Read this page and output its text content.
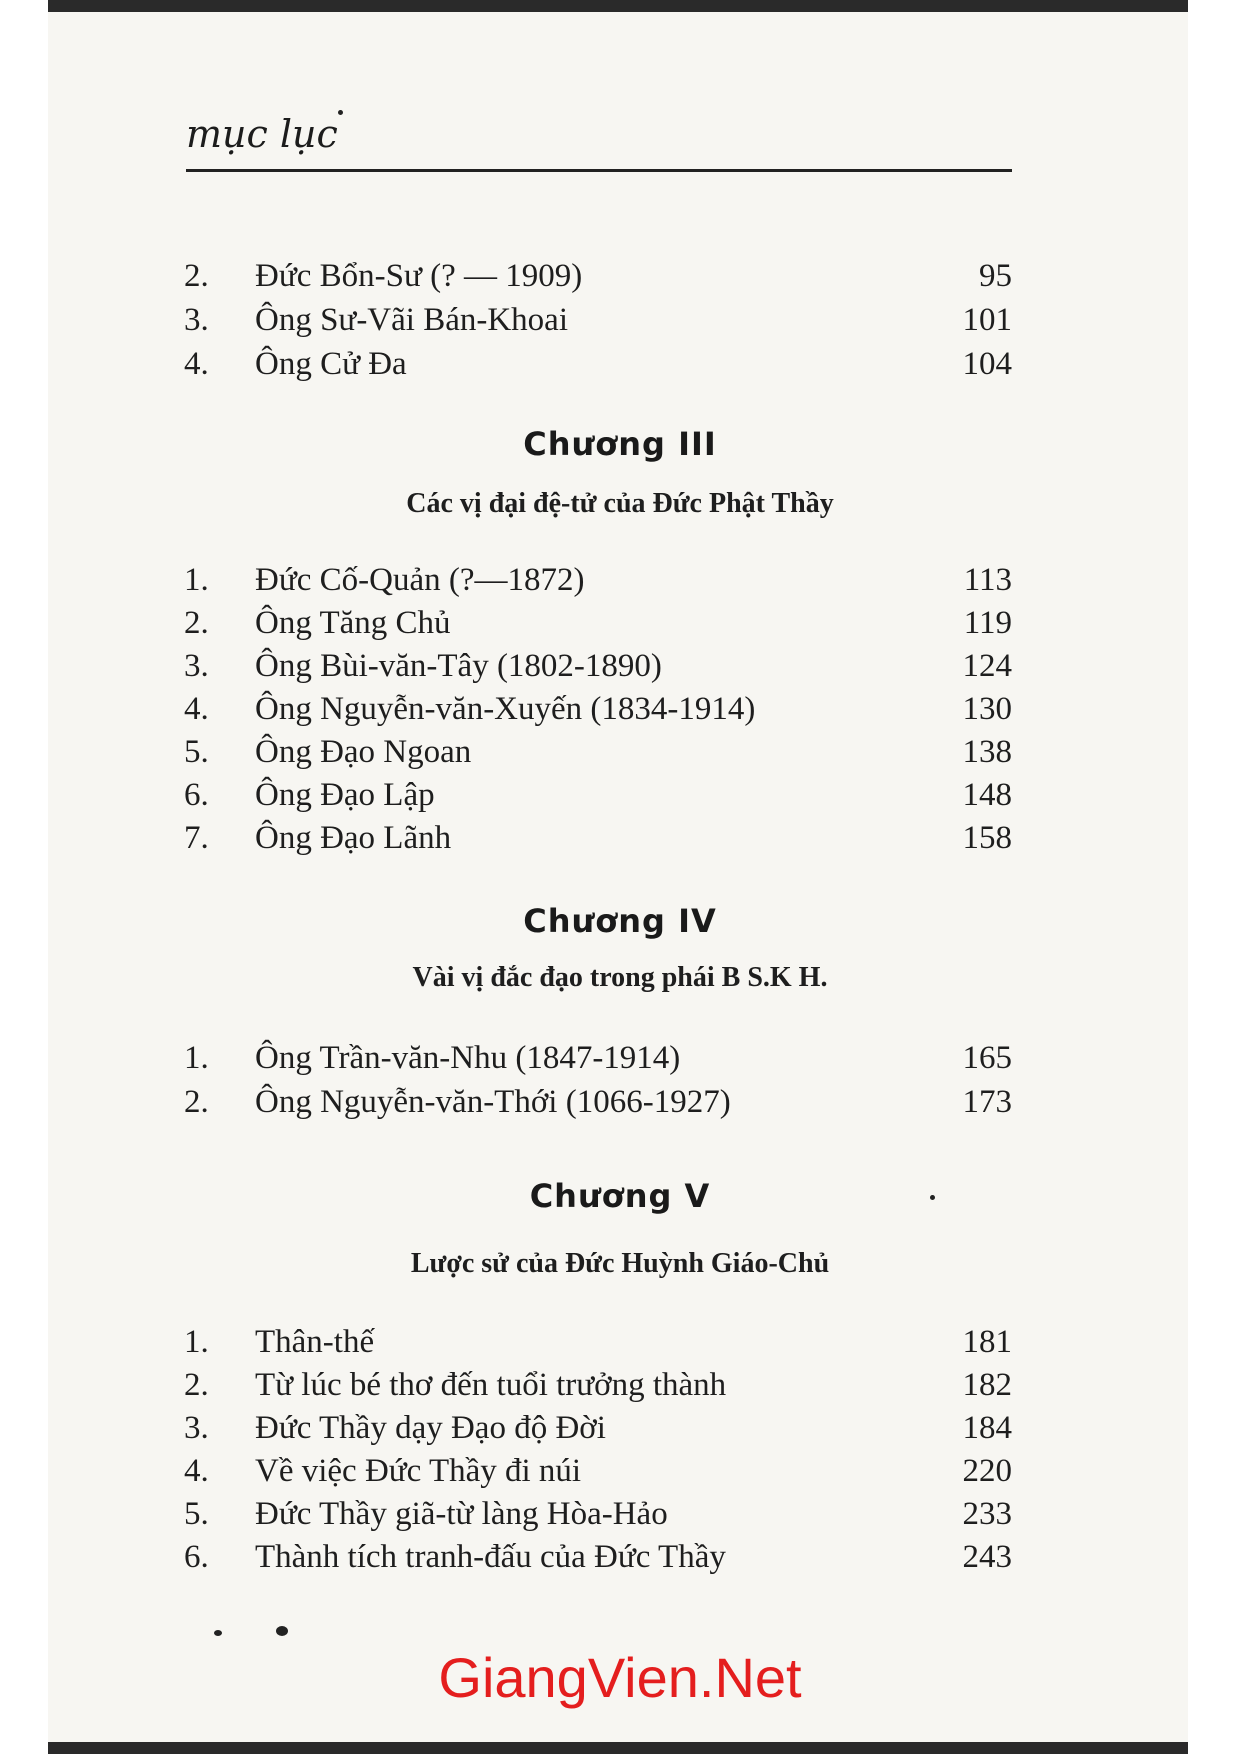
mục lục
2. Đức Bổn-Sư (? — 1909)	95
3. Ông Sư-Vãi Bán-Khoai	101
4. Ông Cử Đa	104
Chương III
Các vị đại đệ-tử của Đức Phật Thầy
1. Đức Cố-Quản (?—1872)	113
2. Ông Tăng Chủ	119
3. Ông Bùi-văn-Tây (1802-1890)	124
4. Ông Nguyễn-văn-Xuyến (1834-1914)	130
5. Ông Đạo Ngoan	138
6. Ông Đạo Lập	148
7. Ông Đạo Lãnh	158
Chương IV
Vài vị đắc đạo trong phái B S.K H.
1. Ông Trần-văn-Nhu (1847-1914)	165
2. Ông Nguyễn-văn-Thới (1066-1927)	173
Chương V
Lược sử của Đức Huỳnh Giáo-Chủ
1. Thân-thế	181
2. Từ lúc bé thơ đến tuổi trưởng thành	182
3. Đức Thầy dạy Đạo độ Đời	184
4. Về việc Đức Thầy đi núi	220
5. Đức Thầy giã-từ làng Hòa-Hảo	233
6. Thành tích tranh-đấu của Đức Thầy	243
GiangVien.Net
